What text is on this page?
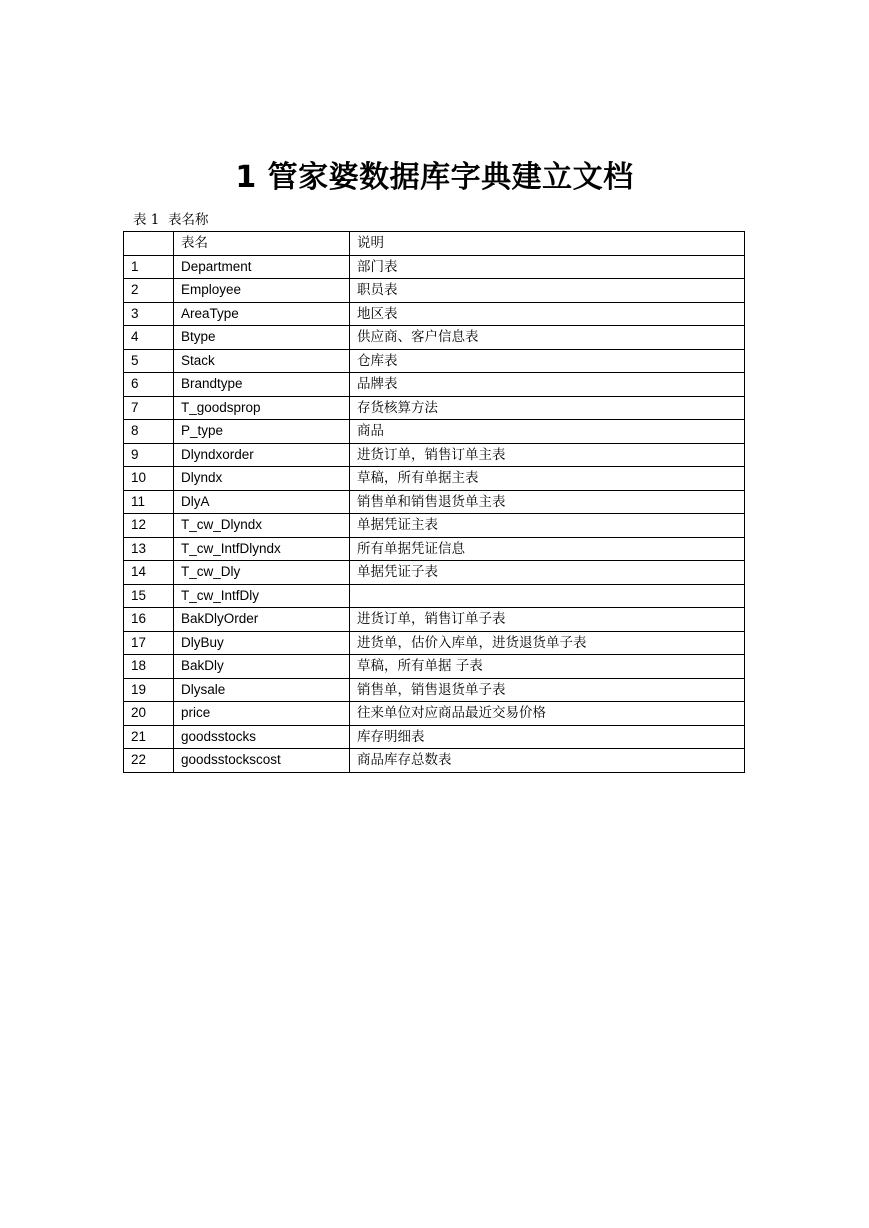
1 管家婆数据库字典建立文档
表 1  表名称
	表名	说明
1	Department	部门表
2	Employee	职员表
3	AreaType	地区表
4	Btype	供应商、客户信息表
5	Stack	仓库表
6	Brandtype	品牌表
7	T_goodsprop	存货核算方法
8	P_type	商品
9	Dlyndxorder	进货订单，销售订单主表
10	Dlyndx	草稿，所有单据主表
11	DlyA	销售单和销售退货单主表
12	T_cw_Dlyndx	单据凭证主表
13	T_cw_IntfDlyndx	所有单据凭证信息
14	T_cw_Dly	单据凭证子表
15	T_cw_IntfDly	
16	BakDlyOrder	进货订单，销售订单子表
17	DlyBuy	进货单，估价入库单，进货退货单子表
18	BakDly	草稿，所有单据 子表
19	Dlysale	销售单，销售退货单子表
20	price	往来单位对应商品最近交易价格
21	goodsstocks	库存明细表
22	goodsstockscost	商品库存总数表
